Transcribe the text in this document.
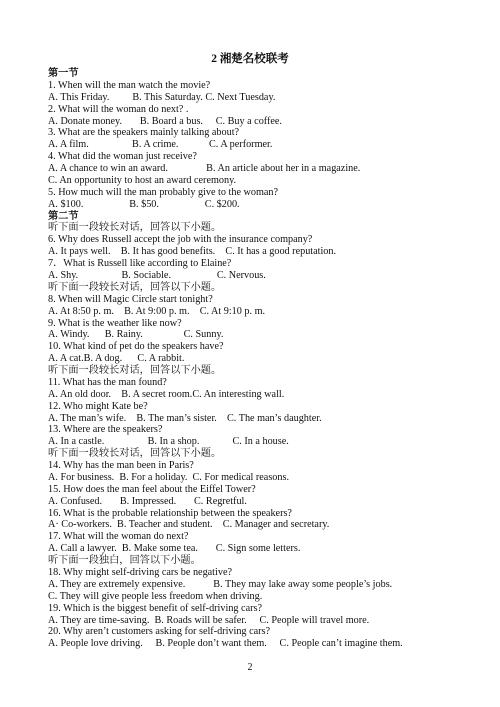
2 湘楚名校联考
第一节
1. When will the man watch the movie?
A. This Friday.         B. This Saturday. C. Next Tuesday.
2. What will the woman do next? .
A. Donate money.       B. Board a bus.     C. Buy a coffee.
3. What are the speakers mainly talking about?
A. A film.                 B. A crime.            C. A performer.
4. What did the woman just receive?
A. A chance to win an award.               B. An article about her in a magazine.
C. An opportunity to host an award ceremony.
5. How much will the man probably give to the woman?
A. $100.                  B. $50.                  C. $200.
第二节
听下面一段较长对话，回答以下小题。
6. Why does Russell accept the job with the insurance company?
A. It pays well.    B. It has good benefits.    C. It has a good reputation.
7．What is Russell like according to Elaine?
A. Shy.                 B. Sociable.                  C. Nervous.
听下面一段较长对话，回答以下小题。
8. When will Magic Circle start tonight?
A. At 8:50 p. m.    B. At 9:00 p. m.    C. At 9:10 p. m.
9. What is the weather like now?
A. Windy.      B. Rainy.                C. Sunny.
10. What kind of pet do the speakers have?
A. A cat.B. A dog.      C. A rabbit.
听下面一段较长对话，回答以下小题。
11. What has the man found?
A. An old door.    B. A secret room.C. An interesting wall.
12. Who might Kate be?
A. The man’s wife.    B. The man’s sister.    C. The man’s daughter.
13. Where are the speakers?
A. In a castle.                 B. In a shop.             C. In a house.
听下面一段较长对话，回答以下小题。
14. Why has the man been in Paris?
A. For business.  B. For a holiday.  C. For medical reasons.
15. How does the man feel about the Eiffel Tower?
A. Confused.       B. Impressed.       C. Regretful.
16. What is the probable relationship between the speakers?
A· Co-workers.  B. Teacher and student.    C. Manager and secretary.
17. What will the woman do next?
A. Call a lawyer.  B. Make some tea.       C. Sign some letters.
听下面一段独白，回答以下小题。
18. Why might self-driving cars be negative?
A. They are extremely expensive.           B. They may lake away some people’s jobs.
C. They will give people less freedom when driving.
19. Which is the biggest benefit of self-driving cars?
A. They are time-saving.  B. Roads will be safer.     C. People will travel more.
20. Why aren’t customers asking for self-driving cars?
A. People love driving.     B. People don’t want them.     C. People can’t imagine them.
2
